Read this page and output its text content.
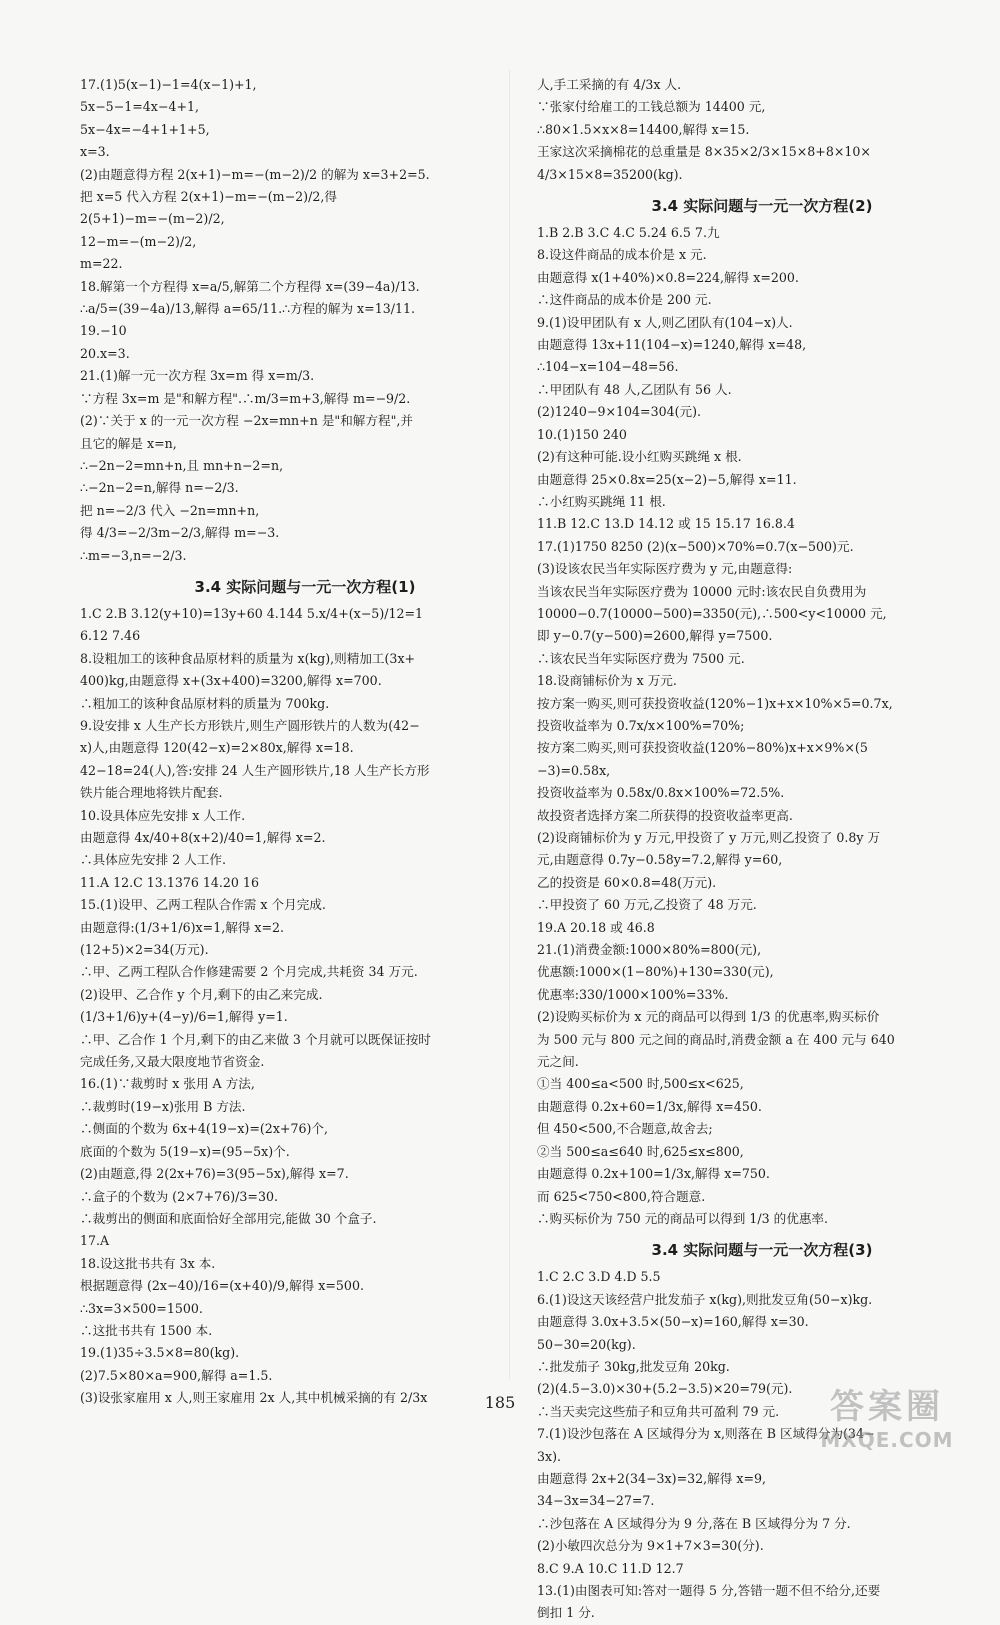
17.(1)5(x−1)−1=4(x−1)+1,
5x−5−1=4x−4+1,
5x−4x=−4+1+1+5,
x=3.
(2)由题意得方程 2(x+1)−m=−(m−2)/2 的解为 x=3+2=5.
把 x=5 代入方程 2(x+1)−m=−(m−2)/2,得
2(5+1)−m=−(m−2)/2,
12−m=−(m−2)/2,
m=22.
18.解第一个方程得 x=a/5,解第二个方程得 x=(39−4a)/13.
∴a/5=(39−4a)/13,解得 a=65/11.∴方程的解为 x=13/11.
19.−10
20.x=3.
21.(1)解一元一次方程 3x=m 得 x=m/3.
∵方程 3x=m 是"和解方程".∴m/3=m+3,解得 m=−9/2.
(2)∵关于 x 的一元一次方程 −2x=mn+n 是"和解方程",并
且它的解是 x=n,
∴−2n−2=mn+n,且 mn+n−2=n,
∴−2n−2=n,解得 n=−2/3.
把 n=−2/3 代入 −2n=mn+n,
得 4/3=−2/3m−2/3,解得 m=−3.
∴m=−3,n=−2/3.
3.4 实际问题与一元一次方程(1)
1.C 2.B 3.12(y+10)=13y+60 4.144 5.x/4+(x−5)/12=1
6.12 7.46
8.设粗加工的该种食品原材料的质量为 x(kg),则精加工(3x+
400)kg,由题意得 x+(3x+400)=3200,解得 x=700.
∴粗加工的该种食品原材料的质量为 700kg.
9.设安排 x 人生产长方形铁片,则生产圆形铁片的人数为(42−
x)人,由题意得 120(42−x)=2×80x,解得 x=18.
42−18=24(人),答:安排 24 人生产圆形铁片,18 人生产长方形
铁片能合理地将铁片配套.
10.设具体应先安排 x 人工作.
由题意得 4x/40+8(x+2)/40=1,解得 x=2.
∴具体应先安排 2 人工作.
11.A 12.C 13.1376 14.20 16
15.(1)设甲、乙两工程队合作需 x 个月完成.
由题意得:(1/3+1/6)x=1,解得 x=2.
(12+5)×2=34(万元).
∴甲、乙两工程队合作修建需要 2 个月完成,共耗资 34 万元.
(2)设甲、乙合作 y 个月,剩下的由乙来完成.
(1/3+1/6)y+(4−y)/6=1,解得 y=1.
∴甲、乙合作 1 个月,剩下的由乙来做 3 个月就可以既保证按时
完成任务,又最大限度地节省资金.
16.(1)∵裁剪时 x 张用 A 方法,
∴裁剪时(19−x)张用 B 方法.
∴侧面的个数为 6x+4(19−x)=(2x+76)个,
底面的个数为 5(19−x)=(95−5x)个.
(2)由题意,得 2(2x+76)=3(95−5x),解得 x=7.
∴盒子的个数为 (2×7+76)/3=30.
∴裁剪出的侧面和底面恰好全部用完,能做 30 个盒子.
17.A
18.设这批书共有 3x 本.
根据题意得 (2x−40)/16=(x+40)/9,解得 x=500.
∴3x=3×500=1500.
∴这批书共有 1500 本.
19.(1)35÷3.5×8=80(kg).
(2)7.5×80×a=900,解得 a=1.5.
(3)设张家雇用 x 人,则王家雇用 2x 人,其中机械采摘的有 2/3x
人,手工采摘的有 4/3x 人.
∵张家付给雇工的工钱总额为 14400 元,
∴80×1.5×x×8=14400,解得 x=15.
王家这次采摘棉花的总重量是 8×35×2/3×15×8+8×10×
4/3×15×8=35200(kg).
3.4 实际问题与一元一次方程(2)
1.B 2.B 3.C 4.C 5.24 6.5 7.九
8.设这件商品的成本价是 x 元.
由题意得 x(1+40%)×0.8=224,解得 x=200.
∴这件商品的成本价是 200 元.
9.(1)设甲团队有 x 人,则乙团队有(104−x)人.
由题意得 13x+11(104−x)=1240,解得 x=48,
∴104−x=104−48=56.
∴甲团队有 48 人,乙团队有 56 人.
(2)1240−9×104=304(元).
10.(1)150 240
(2)有这种可能.设小红购买跳绳 x 根.
由题意得 25×0.8x=25(x−2)−5,解得 x=11.
∴小红购买跳绳 11 根.
11.B 12.C 13.D 14.12 或 15 15.17 16.8.4
17.(1)1750 8250 (2)(x−500)×70%=0.7(x−500)元.
(3)设该农民当年实际医疗费为 y 元,由题意得:
当该农民当年实际医疗费为 10000 元时:该农民自负费用为
10000−0.7(10000−500)=3350(元),∴500<y<10000 元,
即 y−0.7(y−500)=2600,解得 y=7500.
∴该农民当年实际医疗费为 7500 元.
18.设商铺标价为 x 万元.
按方案一购买,则可获投资收益(120%−1)x+x×10%×5=0.7x,
投资收益率为 0.7x/x×100%=70%;
按方案二购买,则可获投资收益(120%−80%)x+x×9%×(5
−3)=0.58x,
投资收益率为 0.58x/0.8x×100%=72.5%.
故投资者选择方案二所获得的投资收益率更高.
(2)设商铺标价为 y 万元,甲投资了 y 万元,则乙投资了 0.8y 万
元,由题意得 0.7y−0.58y=7.2,解得 y=60,
乙的投资是 60×0.8=48(万元).
∴甲投资了 60 万元,乙投资了 48 万元.
19.A 20.18 或 46.8
21.(1)消费金额:1000×80%=800(元),
优惠额:1000×(1−80%)+130=330(元),
优惠率:330/1000×100%=33%.
(2)设购买标价为 x 元的商品可以得到 1/3 的优惠率,购买标价
为 500 元与 800 元之间的商品时,消费金额 a 在 400 元与 640
元之间.
①当 400≤a<500 时,500≤x<625,
由题意得 0.2x+60=1/3x,解得 x=450.
但 450<500,不合题意,故舍去;
②当 500≤a≤640 时,625≤x≤800,
由题意得 0.2x+100=1/3x,解得 x=750.
而 625<750<800,符合题意.
∴购买标价为 750 元的商品可以得到 1/3 的优惠率.
3.4 实际问题与一元一次方程(3)
1.C 2.C 3.D 4.D 5.5
6.(1)设这天该经营户批发茄子 x(kg),则批发豆角(50−x)kg.
由题意得 3.0x+3.5×(50−x)=160,解得 x=30.
50−30=20(kg).
∴批发茄子 30kg,批发豆角 20kg.
(2)(4.5−3.0)×30+(5.2−3.5)×20=79(元).
∴当天卖完这些茄子和豆角共可盈利 79 元.
7.(1)设沙包落在 A 区域得分为 x,则落在 B 区域得分为(34−
3x).
由题意得 2x+2(34−3x)=32,解得 x=9,
34−3x=34−27=7.
∴沙包落在 A 区域得分为 9 分,落在 B 区域得分为 7 分.
(2)小敏四次总分为 9×1+7×3=30(分).
8.C 9.A 10.C 11.D 12.7
13.(1)由图表可知:答对一题得 5 分,答错一题不但不给分,还要
倒扣 1 分.
185	答案圈
MXQE.COM
